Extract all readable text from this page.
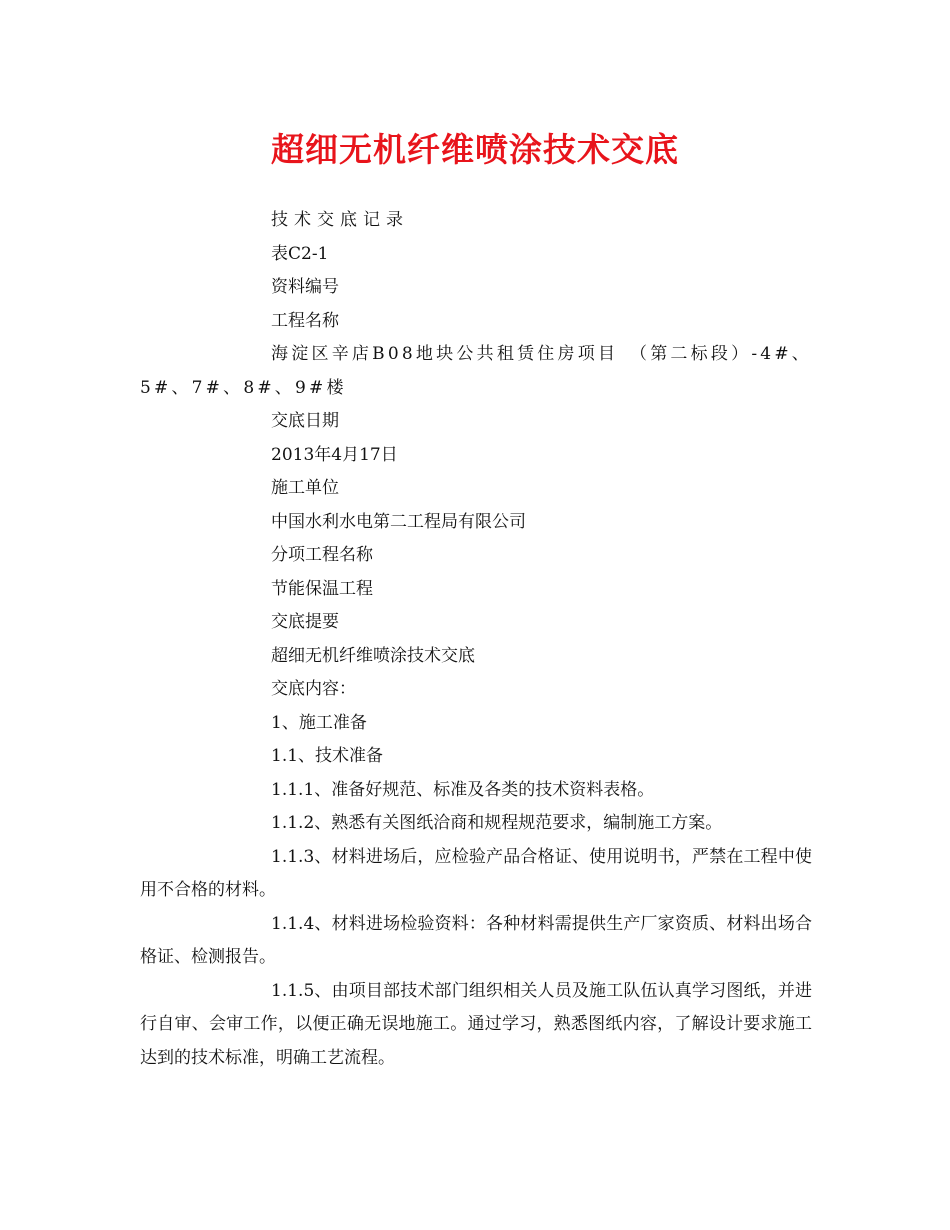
超细无机纤维喷涂技术交底

技术交底记录

表C2-1

资料编号

工程名称

海淀区辛店B08地块公共租赁住房项目　（第二标段）-4#、5#、7#、8#、9#楼

交底日期

2013年4月17日

施工单位

中国水利水电第二工程局有限公司

分项工程名称

节能保温工程

交底提要

超细无机纤维喷涂技术交底

交底内容：

1、施工准备

1.1、技术准备

1.1.1、准备好规范、标准及各类的技术资料表格。

1.1.2、熟悉有关图纸洽商和规程规范要求，编制施工方案。

1.1.3、材料进场后，应检验产品合格证、使用说明书，严禁在工程中使用不合格的材料。

1.1.4、材料进场检验资料：各种材料需提供生产厂家资质、材料出场合格证、检测报告。

1.1.5、由项目部技术部门组织相关人员及施工队伍认真学习图纸，并进行自审、会审工作，以便正确无误地施工。通过学习，熟悉图纸内容，了解设计要求施工达到的技术标准，明确工艺流程。
